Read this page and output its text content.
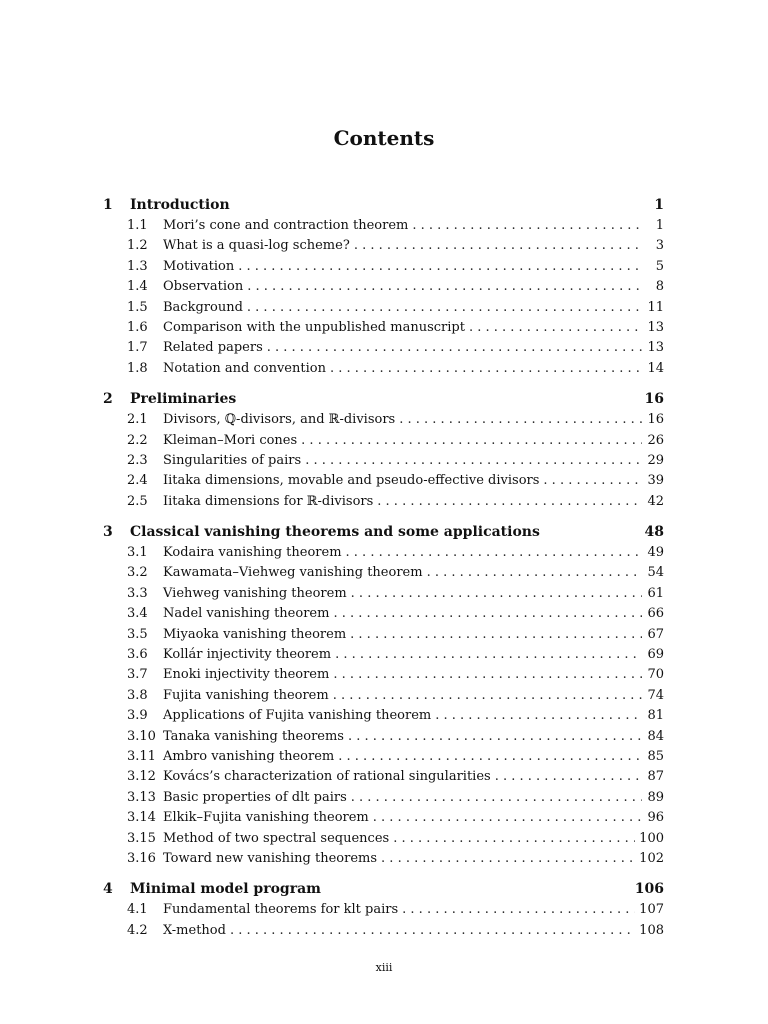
Contents
1	Introduction	1
1.1	Mori’s cone and contraction theorem . . .	1
1.2	What is a quasi-log scheme? . . .	3
1.3	Motivation . . .	5
1.4	Observation . . .	8
1.5	Background . . .	11
1.6	Comparison with the unpublished manuscript . . .	13
1.7	Related papers . . .	13
1.8	Notation and convention . . .	14
2	Preliminaries	16
2.1	Divisors, ℚ-divisors, and ℝ-divisors . . .	16
2.2	Kleiman–Mori cones . . .	26
2.3	Singularities of pairs . . .	29
2.4	Iitaka dimensions, movable and pseudo-effective divisors . . .	39
2.5	Iitaka dimensions for ℝ-divisors . . .	42
3	Classical vanishing theorems and some applications	48
3.1	Kodaira vanishing theorem . . .	49
3.2	Kawamata–Viehweg vanishing theorem . . .	54
3.3	Viehweg vanishing theorem . . .	61
3.4	Nadel vanishing theorem . . .	66
3.5	Miyaoka vanishing theorem . . .	67
3.6	Kollár injectivity theorem . . .	69
3.7	Enoki injectivity theorem . . .	70
3.8	Fujita vanishing theorem . . .	74
3.9	Applications of Fujita vanishing theorem . . .	81
3.10 Tanaka vanishing theorems . . .	84
3.11 Ambro vanishing theorem . . .	85
3.12 Kovács’s characterization of rational singularities . . .	87
3.13 Basic properties of dlt pairs . . .	89
3.14 Elkik–Fujita vanishing theorem . . .	96
3.15 Method of two spectral sequences . . .	100
3.16 Toward new vanishing theorems . . .	102
4	Minimal model program	106
4.1	Fundamental theorems for klt pairs . . .	107
4.2	X-method . . .	108
xiii
